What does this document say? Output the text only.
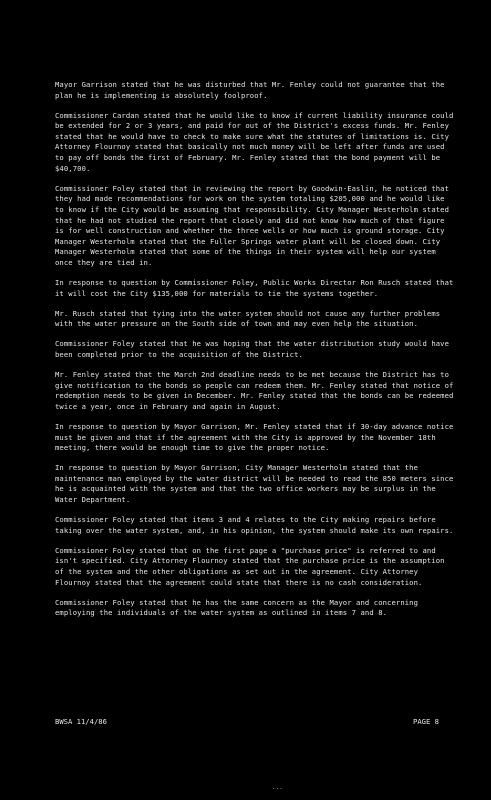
Mayor Garrison stated that he was disturbed that Mr. Fenley could not guarantee that the plan he is implementing is absolutely foolproof.

Commissioner Cardan stated that he would like to know if current liability insurance could be extended for 2 or 3 years, and paid for out of the District's excess funds. Mr. Fenley stated that he would have to check to make sure what the statutes of limitations is. City Attorney Flournoy stated that basically not much money will be left after funds are used to pay off bonds the first of February. Mr. Fenley stated that the bond payment will be $40,700.

Commissioner Foley stated that in reviewing the report by Goodwin-Easlin, he noticed that they had made recommendations for work on the system totaling $205,000 and he would like to know if the City would be assuming that responsibility. City Manager Westerholm stated that he had not studied the report that closely and did not know how much of that figure is for well construction and whether the three wells or how much is ground storage. City Manager Westerholm stated that the Fuller Springs water plant will be closed down. City Manager Westerholm stated that some of the things in their system will help our system once they are tied in.

In response to question by Commissioner Foley, Public Works Director Ron Rusch stated that it will cost the City $135,000 for materials to tie the systems together.

Mr. Rusch stated that tying into the water system should not cause any further problems with the water pressure on the South side of town and may even help the situation.

Commissioner Foley stated that he was hoping that the water distribution study would have been completed prior to the acquisition of the District.

Mr. Fenley stated that the March 2nd deadline needs to be met because the District has to give notification to the bonds so people can redeem them. Mr. Fenley stated that notice of redemption needs to be given in December. Mr. Fenley stated that the bonds can be redeemed twice a year, once in February and again in August.

In response to question by Mayor Garrison, Mr. Fenley stated that if 30-day advance notice must be given and that if the agreement with the City is approved by the November 18th meeting, there would be enough time to give the proper notice.

In response to question by Mayor Garrison, City Manager Westerholm stated that the maintenance man employed by the water district will be needed to read the 850 meters since he is acquainted with the system and that the two office workers may be surplus in the Water Department.

Commissioner Foley stated that items 3 and 4 relates to the City making repairs before taking over the water system, and, in his opinion, the system should make its own repairs.

Commissioner Foley stated that on the first page a "purchase price" is referred to and isn't specified. City Attorney Flournoy stated that the purchase price is the assumption of the system and the other obligations as set out in the agreement. City Attorney Flournoy stated that the agreement could state that there is no cash consideration.

Commissioner Foley stated that he has the same concern as the Mayor and concerning employing the individuals of the water system as outlined in items 7 and 8.

BWSA 11/4/86	PAGE 8
...
